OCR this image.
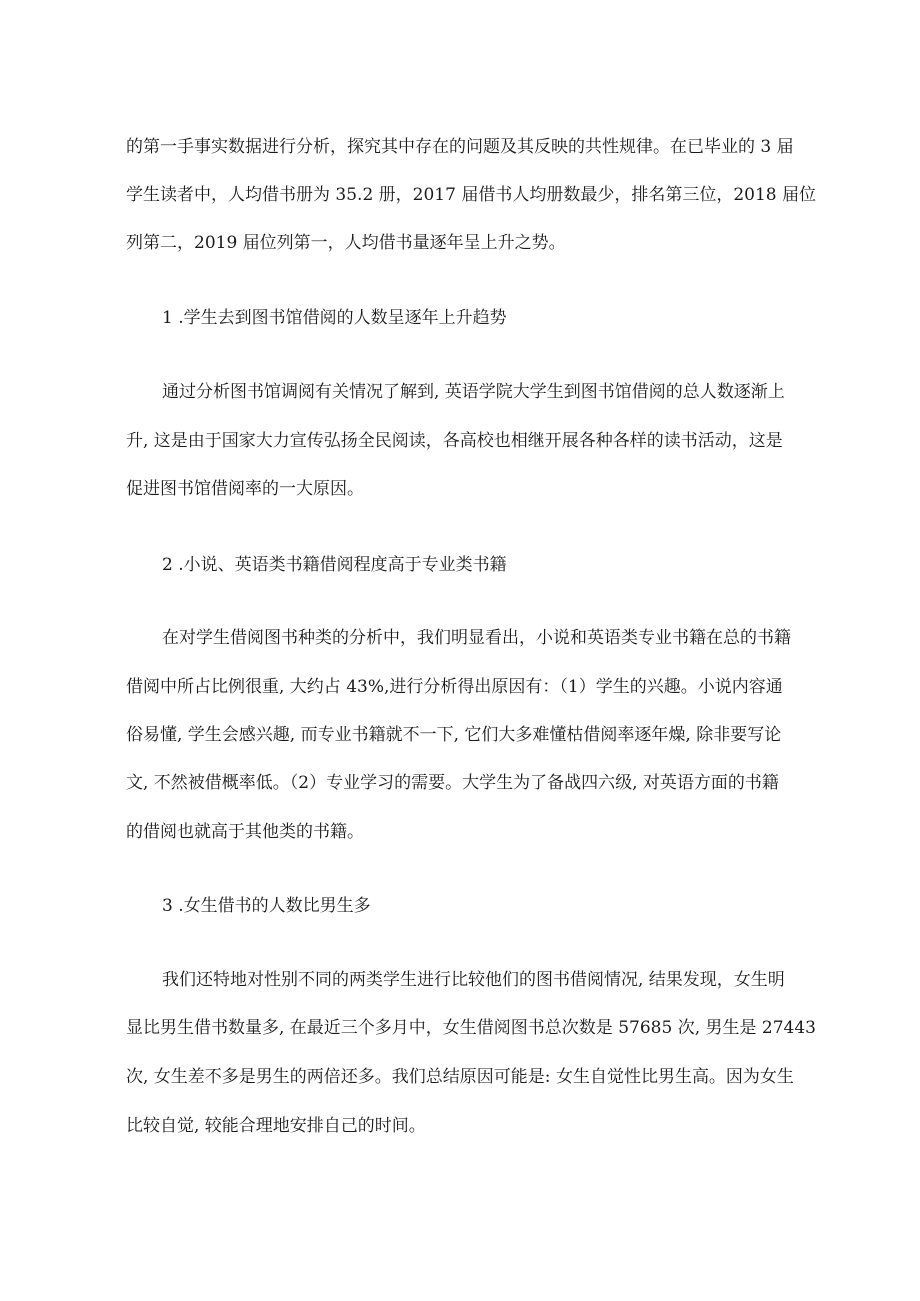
的第一手事实数据进行分析，探究其中存在的问题及其反映的共性规律。在已毕业的 3 届
学生读者中，人均借书册为 35.2 册，2017 届借书人均册数最少，排名第三位，2018 届位
列第二，2019 届位列第一，人均借书量逐年呈上升之势。
1 .学生去到图书馆借阅的人数呈逐年上升趋势
通过分析图书馆调阅有关情况了解到, 英语学院大学生到图书馆借阅的总人数逐渐上
升, 这是由于国家大力宣传弘扬全民阅读，各高校也相继开展各种各样的读书活动，这是
促进图书馆借阅率的一大原因。
2 .小说、英语类书籍借阅程度高于专业类书籍
在对学生借阅图书种类的分析中，我们明显看出，小说和英语类专业书籍在总的书籍
借阅中所占比例很重, 大约占 43%,进行分析得出原因有：（1）学生的兴趣。小说内容通
俗易懂, 学生会感兴趣, 而专业书籍就不一下, 它们大多难懂枯借阅率逐年燥, 除非要写论
文, 不然被借概率低。（2）专业学习的需要。大学生为了备战四六级, 对英语方面的书籍
的借阅也就高于其他类的书籍。
3 .女生借书的人数比男生多
我们还特地对性别不同的两类学生进行比较他们的图书借阅情况, 结果发现，女生明
显比男生借书数量多, 在最近三个多月中，女生借阅图书总次数是 57685 次, 男生是 27443
次, 女生差不多是男生的两倍还多。我们总结原因可能是: 女生自觉性比男生高。因为女生
比较自觉, 较能合理地安排自己的时间。
